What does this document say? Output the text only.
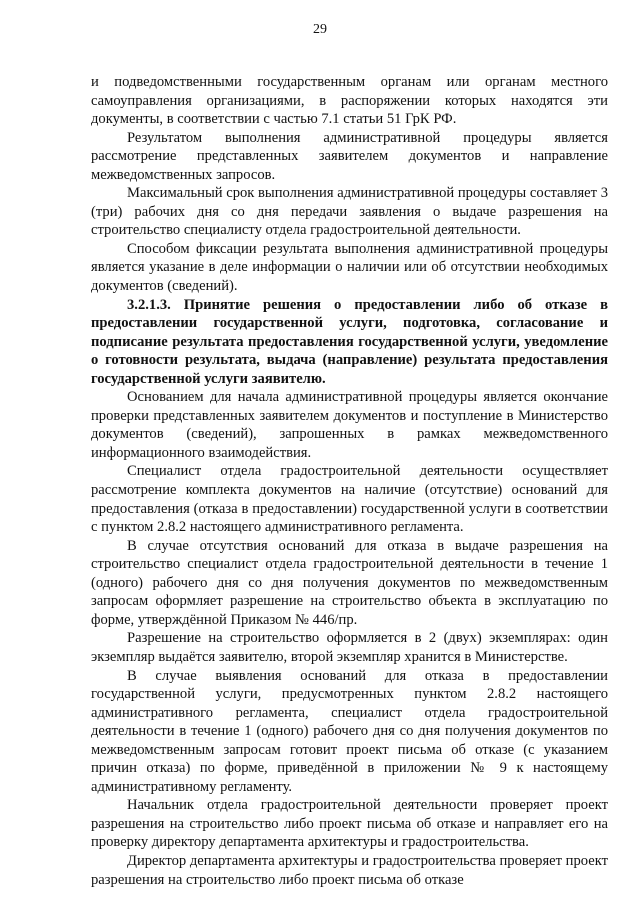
29

и подведомственными государственным органам или органам местного самоуправления организациями, в распоряжении которых находятся эти документы, в соответствии с частью 7.1 статьи 51 ГрК РФ.

Результатом выполнения административной процедуры является рассмотрение представленных заявителем документов и направление межведомственных запросов.

Максимальный срок выполнения административной процедуры составляет 3 (три) рабочих дня со дня передачи заявления о выдаче разрешения на строительство специалисту отдела градостроительной деятельности.

Способом фиксации результата выполнения административной процедуры является указание в деле информации о наличии или об отсутствии необходимых документов (сведений).

3.2.1.3. Принятие решения о предоставлении либо об отказе в предоставлении государственной услуги, подготовка, согласование и подписание результата предоставления государственной услуги, уведомление о готовности результата, выдача (направление) результата предоставления государственной услуги заявителю.

Основанием для начала административной процедуры является окончание проверки представленных заявителем документов и поступление в Министерство документов (сведений), запрошенных в рамках межведомственного информационного взаимодействия.

Специалист отдела градостроительной деятельности осуществляет рассмотрение комплекта документов на наличие (отсутствие) оснований для предоставления (отказа в предоставлении) государственной услуги в соответствии с пунктом 2.8.2 настоящего административного регламента.

В случае отсутствия оснований для отказа в выдаче разрешения на строительство специалист отдела градостроительной деятельности в течение 1 (одного) рабочего дня со дня получения документов по межведомственным запросам оформляет разрешение на строительство объекта в эксплуатацию по форме, утверждённой Приказом № 446/пр.

Разрешение на строительство оформляется в 2 (двух) экземплярах: один экземпляр выдаётся заявителю, второй экземпляр хранится в Министерстве.

В случае выявления оснований для отказа в предоставлении государственной услуги, предусмотренных пунктом 2.8.2 настоящего административного регламента, специалист отдела градостроительной деятельности в течение 1 (одного) рабочего дня со дня получения документов по межведомственным запросам готовит проект письма об отказе (с указанием причин отказа) по форме, приведённой в приложении № 9 к настоящему административному регламенту.

Начальник отдела градостроительной деятельности проверяет проект разрешения на строительство либо проект письма об отказе и направляет его на проверку директору департамента архитектуры и градостроительства.

Директор департамента архитектуры и градостроительства проверяет проект разрешения на строительство либо проект письма об отказе
